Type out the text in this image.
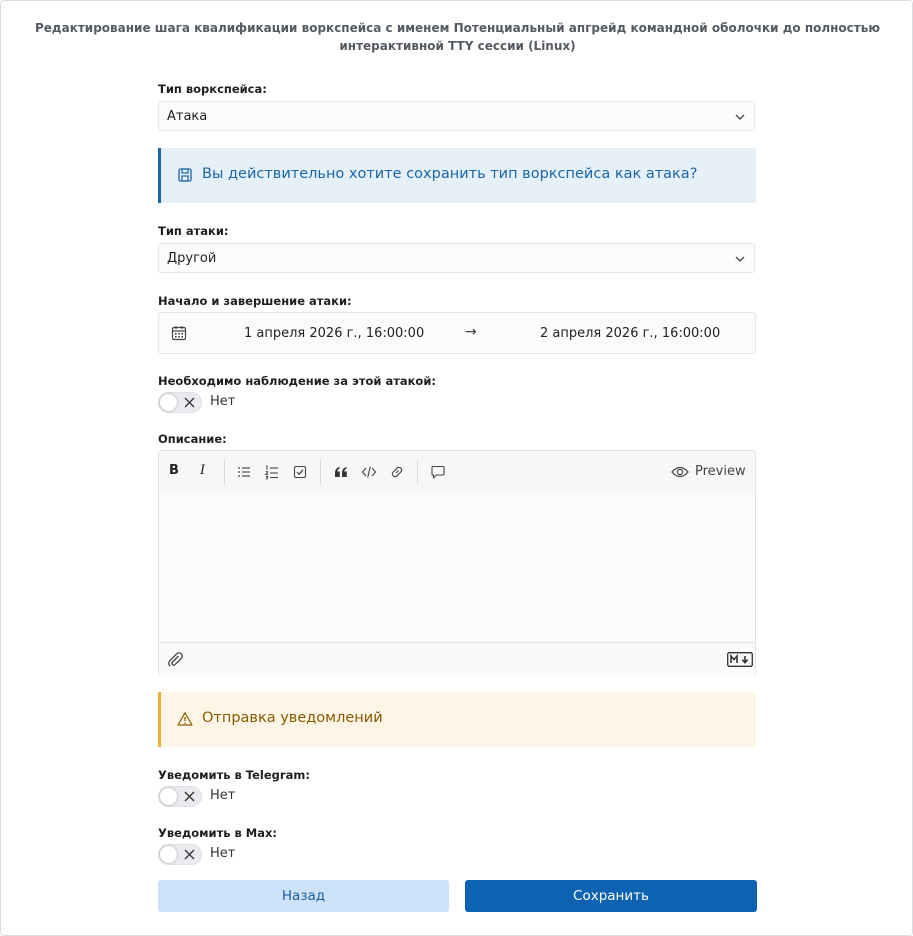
Редактирование шага квалификации воркспейса с именем Потенциальный апгрейд командной оболочки до полностью интерактивной TTY сессии (Linux)
Тип воркспейса:
Атака
Вы действительно хотите сохранить тип воркспейса как атака?
Тип атаки:
Другой
Начало и завершение атаки:
1 апреля 2026 г., 16:00:00	→	2 апреля 2026 г., 16:00:00
Необходимо наблюдение за этой атакой:
Нет
Описание:
B	I	Preview
Отправка уведомлений
Уведомить в Telegram:
Нет
Уведомить в Max:
Нет
Назад	Сохранить
